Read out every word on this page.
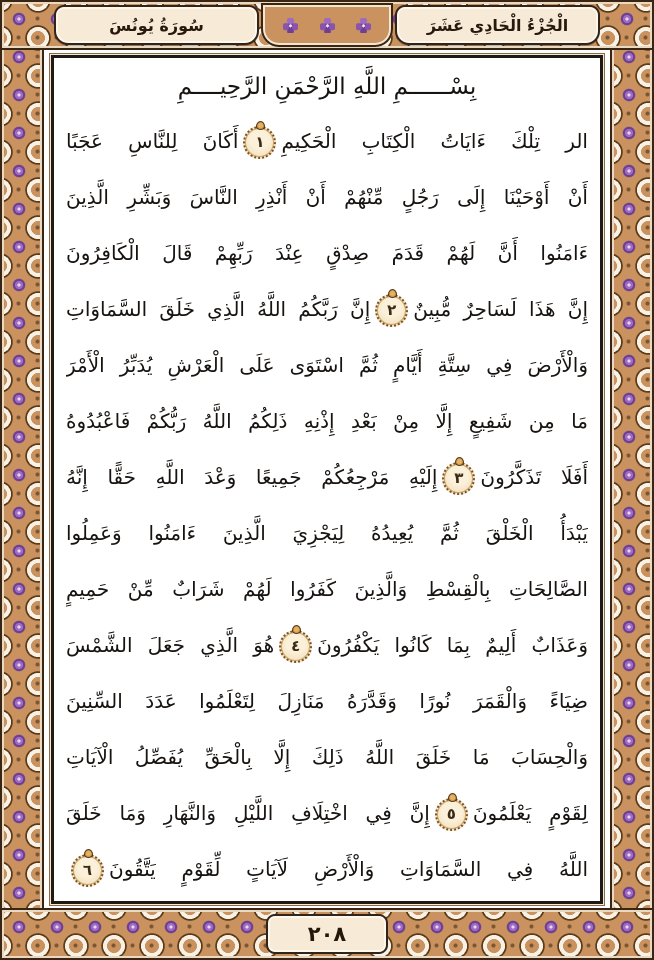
الْجُزْءُ الْحَادِي عَشَرَ
سُورَةُ يُونُسَ
بِسْــــــمِ اللَّهِ الرَّحْمَنِ الرَّحِيــــمِ
الر تِلْكَ ءَايَاتُ الْكِتَابِ الْحَكِيمِ١أَكَانَ لِلنَّاسِ عَجَبًا
أَنْ أَوْحَيْنَا إِلَى رَجُلٍ مِّنْهُمْ أَنْ أَنْذِرِ النَّاسَ وَبَشِّرِ الَّذِينَ
ءَامَنُوا أَنَّ لَهُمْ قَدَمَ صِدْقٍ عِنْدَ رَبِّهِمْ قَالَ الْكَافِرُونَ
إِنَّ هَذَا لَسَاحِرٌ مُّبِينٌ٢إِنَّ رَبَّكُمُ اللَّهُ الَّذِي خَلَقَ السَّمَاوَاتِ
وَالْأَرْضَ فِي سِتَّةِ أَيَّامٍ ثُمَّ اسْتَوَى عَلَى الْعَرْشِ يُدَبِّرُ الْأَمْرَ
مَا مِن شَفِيعٍ إِلَّا مِنْ بَعْدِ إِذْنِهِ ذَلِكُمُ اللَّهُ رَبُّكُمْ فَاعْبُدُوهُ
أَفَلَا تَذَكَّرُونَ٣إِلَيْهِ مَرْجِعُكُمْ جَمِيعًا وَعْدَ اللَّهِ حَقًّا إِنَّهُ
يَبْدَأُ الْخَلْقَ ثُمَّ يُعِيدُهُ لِيَجْزِيَ الَّذِينَ ءَامَنُوا وَعَمِلُوا
الصَّالِحَاتِ بِالْقِسْطِ وَالَّذِينَ كَفَرُوا لَهُمْ شَرَابٌ مِّنْ حَمِيمٍ
وَعَذَابٌ أَلِيمٌ بِمَا كَانُوا يَكْفُرُونَ٤هُوَ الَّذِي جَعَلَ الشَّمْسَ
ضِيَاءً وَالْقَمَرَ نُورًا وَقَدَّرَهُ مَنَازِلَ لِتَعْلَمُوا عَدَدَ السِّنِينَ
وَالْحِسَابَ مَا خَلَقَ اللَّهُ ذَلِكَ إِلَّا بِالْحَقِّ يُفَصِّلُ الْآيَاتِ
لِقَوْمٍ يَعْلَمُونَ٥إِنَّ فِي اخْتِلَافِ اللَّيْلِ وَالنَّهَارِ وَمَا خَلَقَ
اللَّهُ فِي السَّمَاوَاتِ وَالْأَرْضِ لَآيَاتٍ لِّقَوْمٍ يَتَّقُونَ٦
٢٠٨
